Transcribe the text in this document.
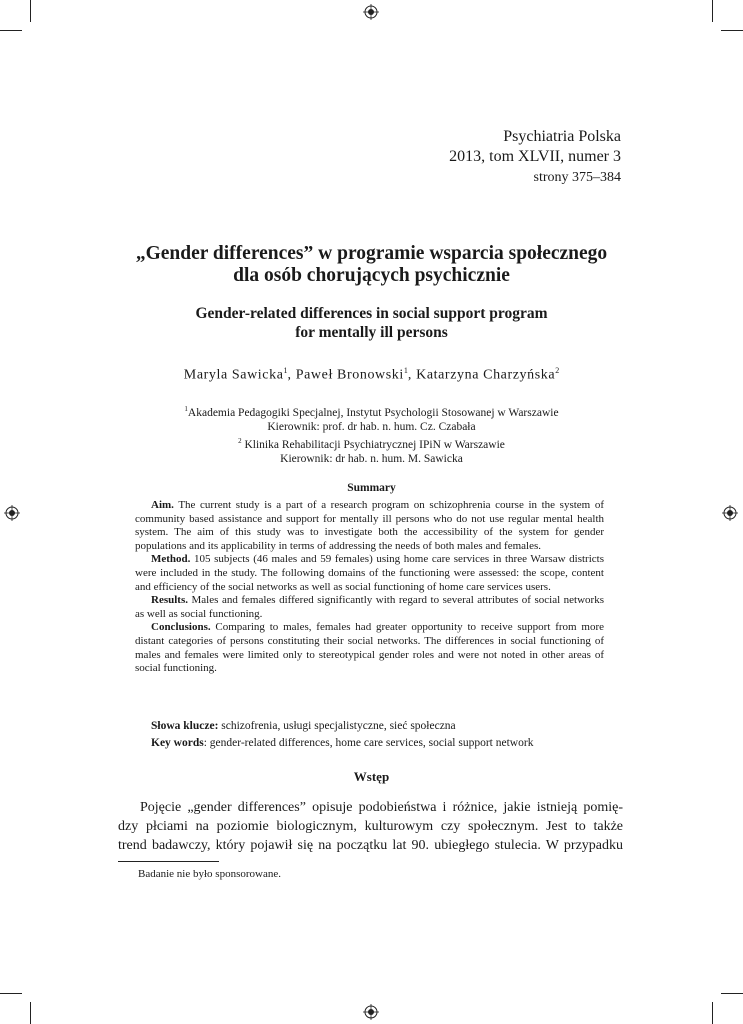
Psychiatria Polska
2013, tom XLVII, numer 3
strony 375–384
„Gender differences” w programie wsparcia społecznego
dla osób chorujących psychicznie
Gender-related differences in social support program
for mentally ill persons
Maryla Sawicka$^1$, Paweł Bronowski$^1$, Katarzyna Charzyńska$^2$
$^1$Akademia Pedagogiki Specjalnej, Instytut Psychologii Stosowanej w Warszawie
Kierownik: prof. dr hab. n. hum. Cz. Czabała
$^2$ Klinika Rehabilitacji Psychiatrycznej IPiN w Warszawie
Kierownik: dr hab. n. hum. M. Sawicka
Summary

Aim. The current study is a part of a research program on schizophrenia course in the system of community based assistance and support for mentally ill persons who do not use regular mental health system. The aim of this study was to investigate both the accessibility of the system for gender populations and its applicability in terms of addressing the needs of both males and females.

Method. 105 subjects (46 males and 59 females) using home care services in three Warsaw districts were included in the study. The following domains of the functioning were assessed: the scope, content and efficiency of the social networks as well as social functioning of home care services users.

Results. Males and females differed significantly with regard to several attributes of social networks as well as social functioning.

Conclusions. Comparing to males, females had greater opportunity to receive support from more distant categories of persons constituting their social networks. The differences in social functioning of males and females were limited only to stereotypical gender roles and were not noted in other areas of social functioning.

Słowa klucze: schizofrenia, usługi specjalistyczne, sieć społeczna
Key words: gender-related differences, home care services, social support network
Wstęp

Pojęcie „gender differences” opisuje podobieństwa i różnice, jakie istnieją pomię-

dzy płciami na poziomie biologicznym, kulturowym czy społecznym. Jest to także

trend badawczy, który pojawił się na początku lat 90. ubiegłego stulecia. W przypadku

Badanie nie było sponsorowane.
